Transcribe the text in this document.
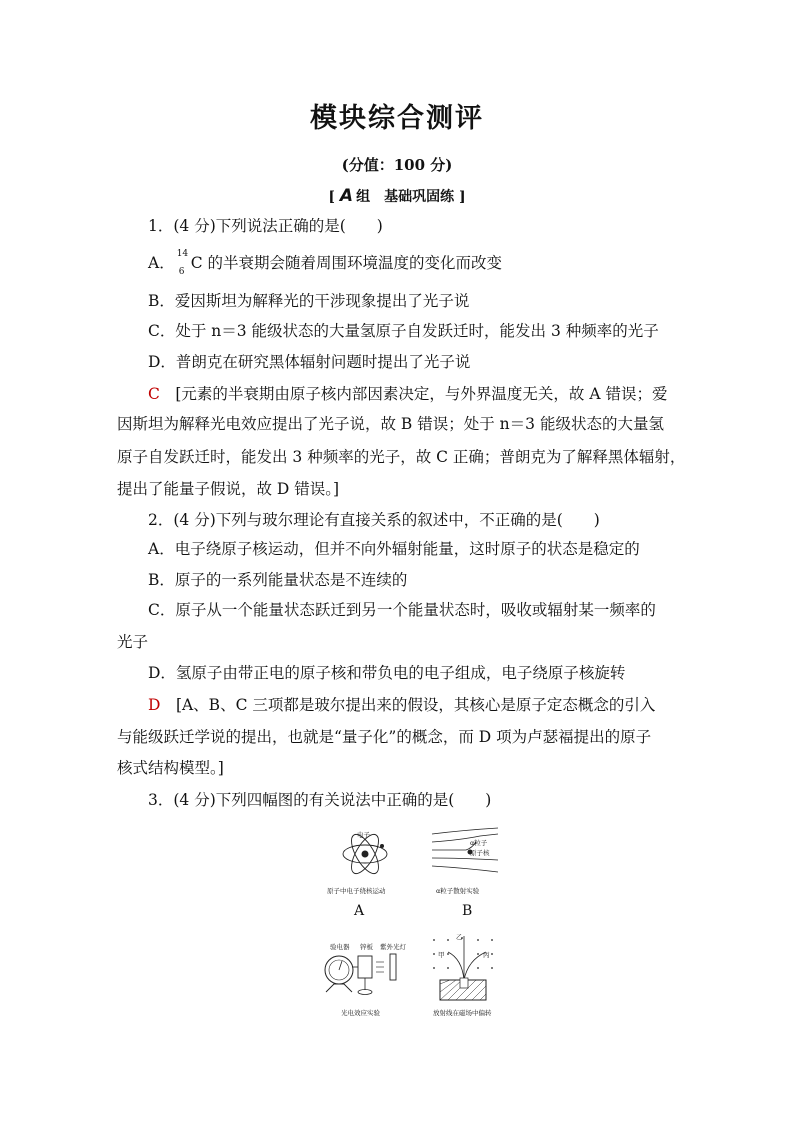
模块综合测评
(分值：100 分)
[ A 组　基础巩固练 ]
1．(4 分)下列说法正确的是(　　)
A． 14
6 C 的半衰期会随着周围环境温度的变化而改变
B．爱因斯坦为解释光的干涉现象提出了光子说
C．处于 n＝3 能级状态的大量氢原子自发跃迁时，能发出 3 种频率的光子
D．普朗克在研究黑体辐射问题时提出了光子说
C　[元素的半衰期由原子核内部因素决定，与外界温度无关，故 A 错误；爱
因斯坦为解释光电效应提出了光子说，故 B 错误；处于 n＝3 能级状态的大量氢
原子自发跃迁时，能发出 3 种频率的光子，故 C 正确；普朗克为了解释黑体辐射，
提出了能量子假说，故 D 错误。]
2．(4 分)下列与玻尔理论有直接关系的叙述中，不正确的是(　　)
A．电子绕原子核运动，但并不向外辐射能量，这时原子的状态是稳定的
B．原子的一系列能量状态是不连续的
C．原子从一个能量状态跃迁到另一个能量状态时，吸收或辐射某一频率的
光子
D．氢原子由带正电的原子核和带负电的电子组成，电子绕原子核旋转
D　[A、B、C 三项都是玻尔提出来的假设，其核心是原子定态概念的引入
与能级跃迁学说的提出，也就是“量子化”的概念，而 D 项为卢瑟福提出的原子
核式结构模型。]
3．(4 分)下列四幅图的有关说法中正确的是(　　)
电子
原子中电子绕核运动
A
α粒子
原子核
α粒子散射实验
B
验电器 锌板 紫外光灯
光电效应实验
甲
乙
丙
放射线在磁场中偏转
